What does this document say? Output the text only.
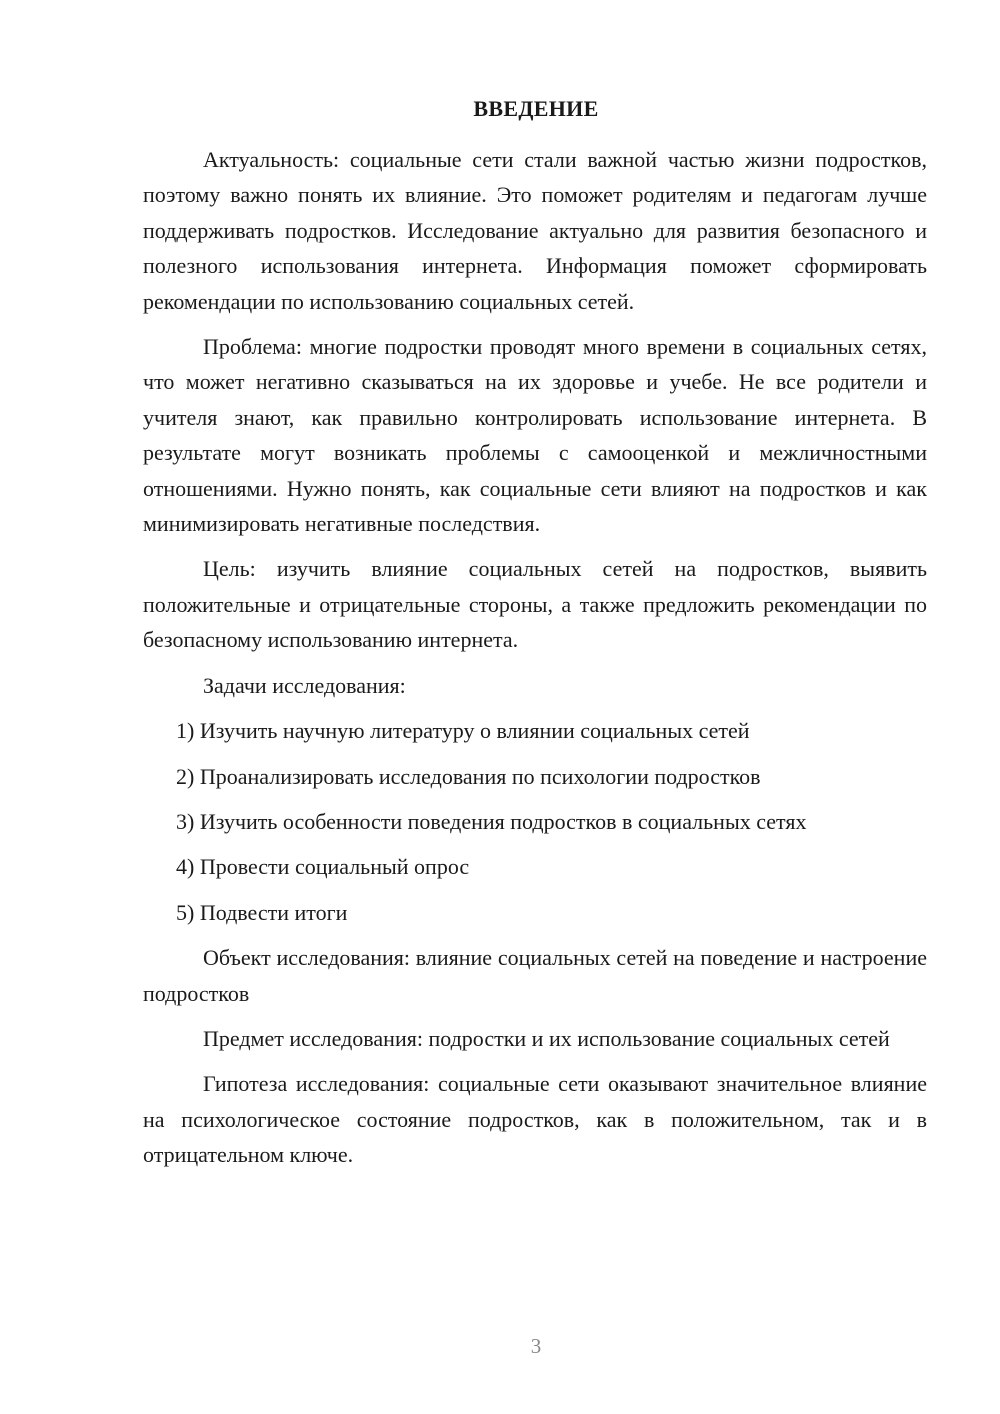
ВВЕДЕНИЕ

Актуальность: социальные сети стали важной частью жизни подростков, поэтому важно понять их влияние. Это поможет родителям и педагогам лучше поддерживать подростков. Исследование актуально для развития безопасного и полезного использования интернета. Информация поможет сформировать рекомендации по использованию социальных сетей.

Проблема: многие подростки проводят много времени в социальных сетях, что может негативно сказываться на их здоровье и учебе. Не все родители и учителя знают, как правильно контролировать использование интернета. В результате могут возникать проблемы с самооценкой и межличностными отношениями. Нужно понять, как социальные сети влияют на подростков и как минимизировать негативные последствия.

Цель: изучить влияние социальных сетей на подростков, выявить положительные и отрицательные стороны, а также предложить рекомендации по безопасному использованию интернета.

Задачи исследования:

1) Изучить научную литературу о влиянии социальных сетей
2) Проанализировать исследования по психологии подростков
3) Изучить особенности поведения подростков в социальных сетях
4) Провести социальный опрос
5) Подвести итоги

Объект исследования: влияние социальных сетей на поведение и настроение подростков

Предмет исследования: подростки и их использование социальных сетей

Гипотеза исследования: социальные сети оказывают значительное влияние на психологическое состояние подростков, как в положительном, так и в отрицательном ключе.

3
